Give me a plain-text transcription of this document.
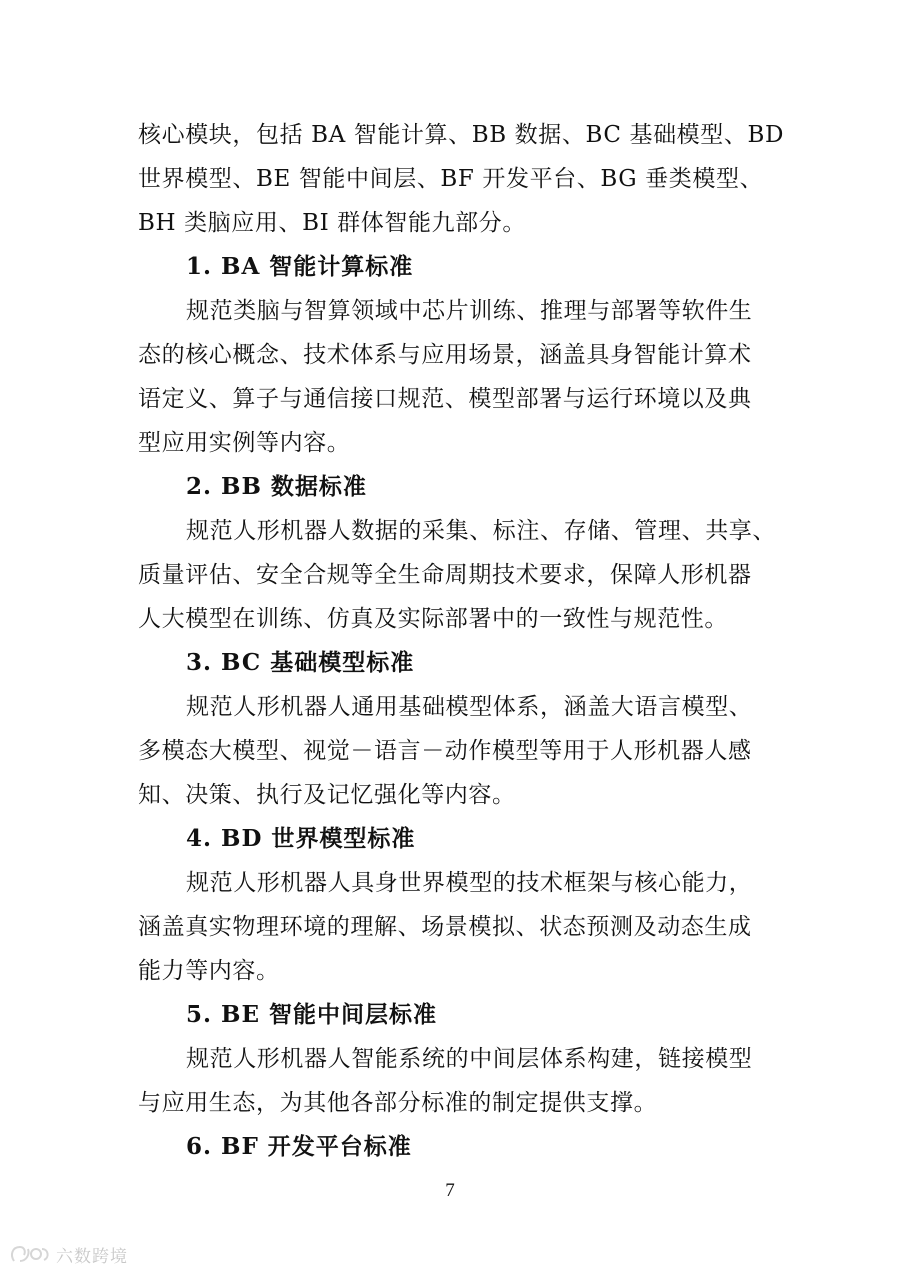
核心模块，包括 BA 智能计算、BB 数据、BC 基础模型、BD
世界模型、BE 智能中间层、BF 开发平台、BG 垂类模型、
BH 类脑应用、BI 群体智能九部分。
1. BA 智能计算标准
规范类脑与智算领域中芯片训练、推理与部署等软件生
态的核心概念、技术体系与应用场景，涵盖具身智能计算术
语定义、算子与通信接口规范、模型部署与运行环境以及典
型应用实例等内容。
2. BB 数据标准
规范人形机器人数据的采集、标注、存储、管理、共享、
质量评估、安全合规等全生命周期技术要求，保障人形机器
人大模型在训练、仿真及实际部署中的一致性与规范性。
3. BC 基础模型标准
规范人形机器人通用基础模型体系，涵盖大语言模型、
多模态大模型、视觉－语言－动作模型等用于人形机器人感
知、决策、执行及记忆强化等内容。
4. BD 世界模型标准
规范人形机器人具身世界模型的技术框架与核心能力，
涵盖真实物理环境的理解、场景模拟、状态预测及动态生成
能力等内容。
5. BE 智能中间层标准
规范人形机器人智能系统的中间层体系构建，链接模型
与应用生态，为其他各部分标准的制定提供支撑。
6. BF 开发平台标准
7
六数跨境
